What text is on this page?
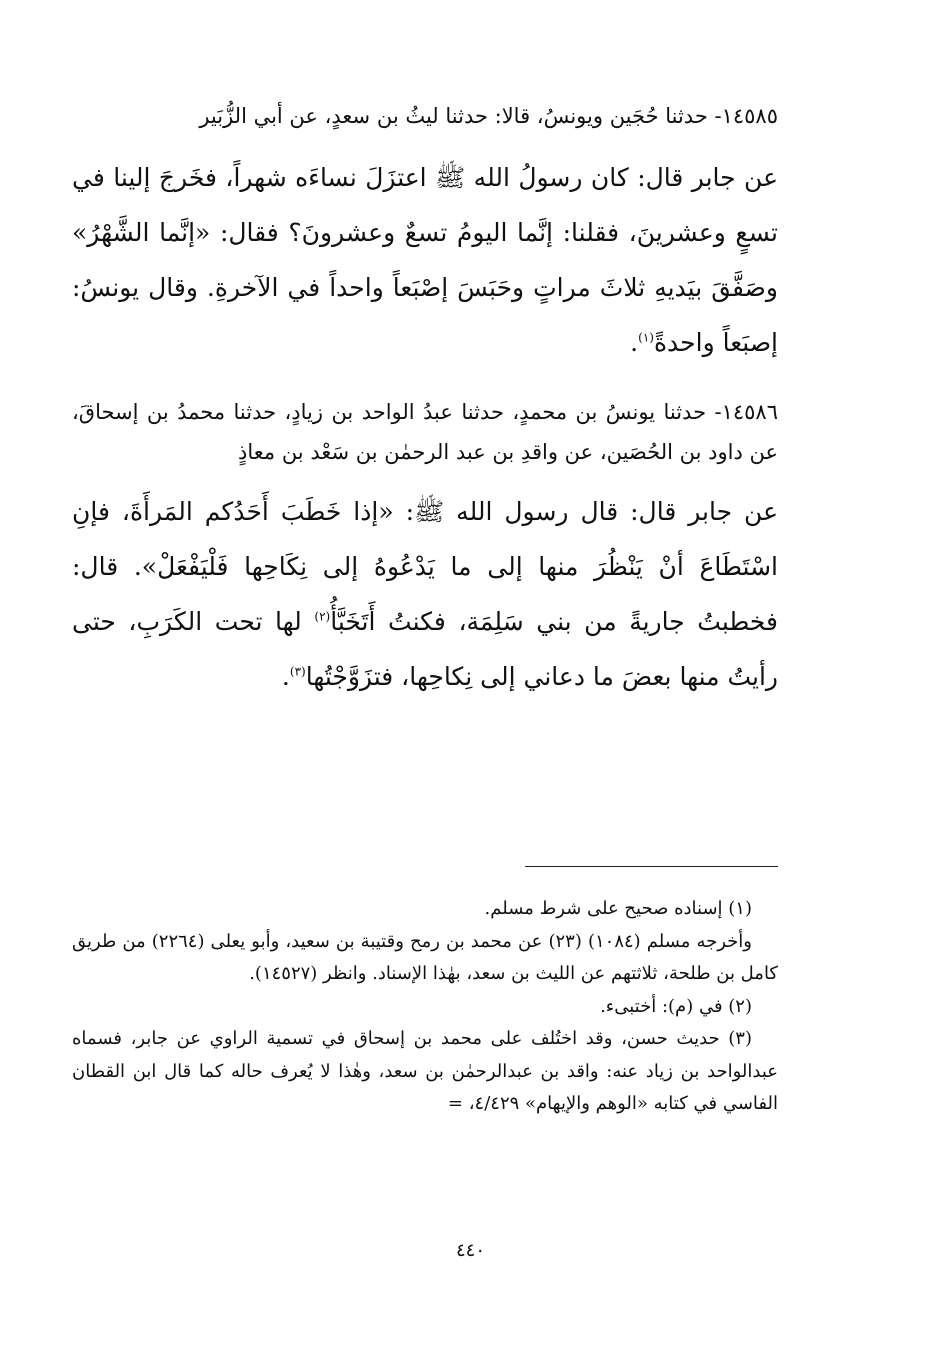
١٤٥٨٥- حدثنا حُجَين ويونسُ، قالا: حدثنا ليثُ بن سعدٍ، عن أبي الزُّبَير

عن جابر قال: كان رسولُ الله ﷺ اعتزَلَ نساءَه شهراً، فخَرجَ إلينا في تسعٍ وعشرينَ، فقلنا: إنَّما اليومُ تسعٌ وعشرونَ؟ فقال: «إنَّما الشَّهْرُ» وصَفَّقَ بيَديهِ ثلاثَ مراتٍ وحَبَسَ إصْبَعاً واحداً في الآخرةِ. وقال يونسُ: إصبَعاً واحدةً$^{(١)}$.

١٤٥٨٦- حدثنا يونسُ بن محمدٍ، حدثنا عبدُ الواحد بن زيادٍ، حدثنا محمدُ بن إسحاقَ، عن داود بن الحُصَين، عن واقدِ بن عبد الرحمٰن بن سَعْد بن معاذٍ

عن جابر قال: قال رسول الله ﷺ: «إذا خَطَبَ أَحَدُكم المَرأَةَ، فإنِ اسْتَطَاعَ أنْ يَنْظُرَ منها إلى ما يَدْعُوهُ إلى نِكَاحِها فَلْيَفْعَلْ». قال: فخطبتُ جاريةً من بني سَلِمَة، فكنتُ أَتَخَبَّأُ$^{(٢)}$ لها تحت الكَرَبِ، حتى رأيتُ منها بعضَ ما دعاني إلى نِكاحِها، فتزَوَّجْتُها$^{(٣)}$.

(١) إسناده صحيح على شرط مسلم.

وأخرجه مسلم (١٠٨٤) (٢٣) عن محمد بن رمح وقتيبة بن سعيد، وأبو يعلى (٢٢٦٤) من طريق كامل بن طلحة، ثلاثتهم عن الليث بن سعد، بهٰذا الإسناد. وانظر (١٤٥٢٧).

(٢) في (م): أختبىء.

(٣) حديث حسن، وقد اختُلف على محمد بن إسحاق في تسمية الراوي عن جابر، فسماه عبدالواحد بن زياد عنه: واقد بن عبدالرحمٰن بن سعد، وهٰذا لا يُعرف حاله كما قال ابن القطان الفاسي في كتابه «الوهم والإيهام» ٤/٤٢٩، =

٤٤٠
